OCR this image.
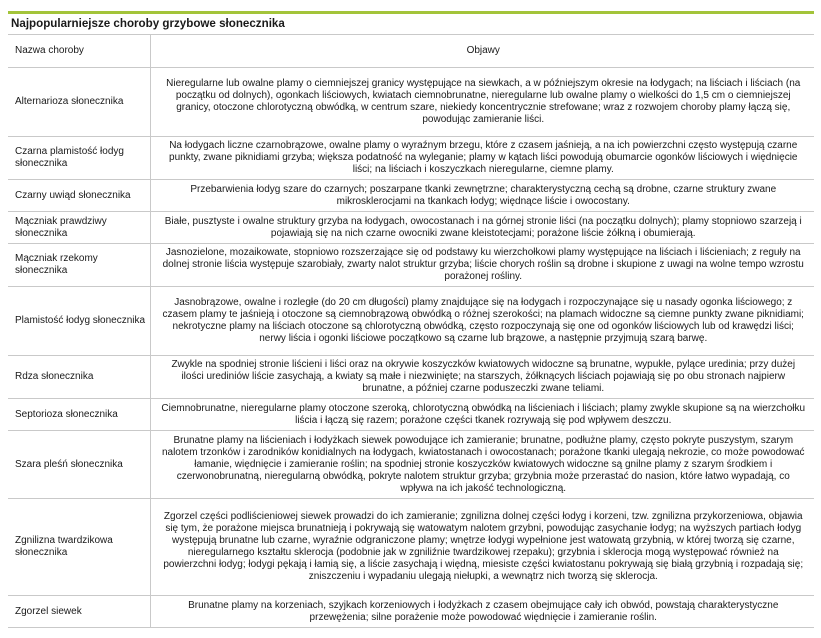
Najpopularniejsze choroby grzybowe słonecznika
Nazwa choroby	Objawy
Alternarioza słonecznika	Nieregularne lub owalne plamy o ciemniejszej granicy występujące na siewkach, a w późniejszym okresie na łodygach; na liściach i liściach (na początku od dolnych), ogonkach liściowych, kwiatach ciemnobrunatne, nieregularne lub owalne plamy o wielkości do 1,5 cm o ciemniejszej granicy, otoczone chlorotyczną obwódką, w centrum szare, niekiedy koncentrycznie strefowane; wraz z rozwojem choroby plamy łączą się, powodując zamieranie liści.
Czarna plamistość łodyg słonecznika	Na łodygach liczne czarnobrązowe, owalne plamy o wyraźnym brzegu, które z czasem jaśnieją, a na ich powierzchni często występują czarne punkty, zwane piknidiami grzyba; większa podatność na wyleganie; plamy w kątach liści powodują obumarcie ogonków liściowych i więdnięcie liści; na liściach i koszyczkach nieregularne, ciemne plamy.
Czarny uwiąd słonecznika	Przebarwienia łodyg szare do czarnych; poszarpane tkanki zewnętrzne; charakterystyczną cechą są drobne, czarne struktury zwane mikrosklerocjami na tkankach łodyg; więdnące liście i owocostany.
Mączniak prawdziwy słonecznika	Białe, pusztyste i owalne struktury grzyba na łodygach, owocostanach i na górnej stronie liści (na początku dolnych); plamy stopniowo szarzeją i pojawiają się na nich czarne owocniki zwane kleistotecjami; porażone liście żółkną i obumierają.
Mączniak rzekomy słonecznika	Jasnozielone, mozaikowate, stopniowo rozszerzające się od podstawy ku wierzchołkowi plamy występujące na liściach i liścieniach; z reguły na dolnej stronie liścia występuje szarobiały, zwarty nalot struktur grzyba; liście chorych roślin są drobne i skupione z uwagi na wolne tempo wzrostu porażonej rośliny.
Plamistość łodyg słonecznika	Jasnobrązowe, owalne i rozległe (do 20 cm długości) plamy znajdujące się na łodygach i rozpoczynające się u nasady ogonka liściowego; z czasem plamy te jaśnieją i otoczone są ciemnobrązową obwódką o różnej szerokości; na plamach widoczne są ciemne punkty zwane piknidiami; nekrotyczne plamy na liściach otoczone są chlorotyczną obwódką, często rozpoczynają się one od ogonków liściowych lub od krawędzi liści; nerwy liścia i ogonki liściowe początkowo są czarne lub brązowe, a następnie przyjmują szarą barwę.
Rdza słonecznika	Zwykle na spodniej stronie liścieni i liści oraz na okrywie koszyczków kwiatowych widoczne są brunatne, wypukłe, pylące uredinia; przy dużej ilości urediniów liście zasychają, a kwiaty są małe i niezwinięte; na starszych, żółknących liściach pojawiają się po obu stronach najpierw brunatne, a później czarne poduszeczki zwane teliami.
Septorioza słonecznika	Ciemnobrunatne, nieregularne plamy otoczone szeroką, chlorotyczną obwódką na liścieniach i liściach; plamy zwykle skupione są na wierzchołku liścia i łączą się razem; porażone części tkanek rozrywają się pod wpływem deszczu.
Szara pleśń słonecznika	Brunatne plamy na liścieniach i łodyżkach siewek powodujące ich zamieranie; brunatne, podłużne plamy, często pokryte puszystym, szarym nalotem trzonków i zarodników konidialnych na łodygach, kwiatostanach i owocostanach; porażone tkanki ulegają nekrozie, co może powodować łamanie, więdnięcie i zamieranie roślin; na spodniej stronie koszyczków kwiatowych widoczne są gnilne plamy z szarym środkiem i czerwonobrunatną, nieregularną obwódką, pokryte nalotem struktur grzyba; grzybnia może przerastać do nasion, które łatwo wypadają, co wpływa na ich jakość technologiczną.
Zgnilizna twardzikowa słonecznika	Zgorzel części podliścieniowej siewek prowadzi do ich zamieranie; zgnilizna dolnej części łodyg i korzeni, tzw. zgnilizna przykorzeniowa, objawia się tym, że porażone miejsca brunatnieją i pokrywają się watowatym nalotem grzybni, powodując zasychanie łodyg; na wyższych partiach łodyg występują brunatne lub czarne, wyraźnie odgraniczone plamy; wnętrze łodygi wypełnione jest watowatą grzybnią, w której tworzą się czarne, nieregularnego kształtu sklerocja (podobnie jak w zgniliźnie twardzikowej rzepaku); grzybnia i sklerocja mogą występować również na powierzchni łodyg; łodygi pękają i łamią się, a liście zasychają i więdną, miesiste części kwiatostanu pokrywają się białą grzybnią i rozpadają się; zniszczeniu i wypadaniu ulegają niełupki, a wewnątrz nich tworzą się sklerocja.
Zgorzel siewek	Brunatne plamy na korzeniach, szyjkach korzeniowych i łodyżkach z czasem obejmujące cały ich obwód, powstają charakterystyczne przewężenia; silne porażenie może powodować więdnięcie i zamieranie roślin.
